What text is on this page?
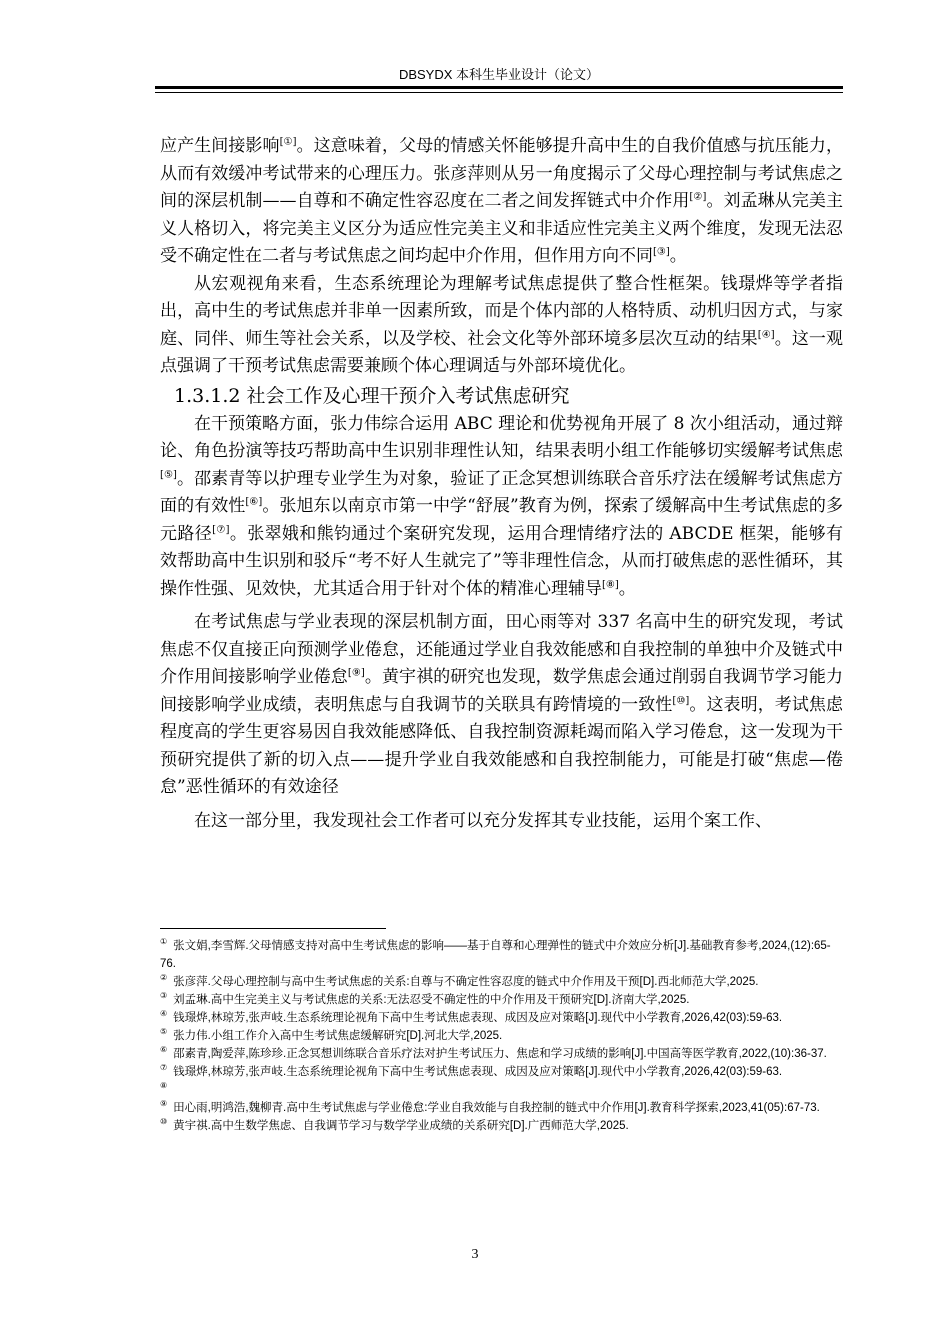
DBSYDX 本科生毕业设计（论文）

应产生间接影响[①]。这意味着，父母的情感关怀能够提升高中生的自我价值感与抗压能力，从而有效缓冲考试带来的心理压力。张彦萍则从另一角度揭示了父母心理控制与考试焦虑之间的深层机制——自尊和不确定性容忍度在二者之间发挥链式中介作用[②]。刘孟琳从完美主义人格切入，将完美主义区分为适应性完美主义和非适应性完美主义两个维度，发现无法忍受不确定性在二者与考试焦虑之间均起中介作用，但作用方向不同[③]。

从宏观视角来看，生态系统理论为理解考试焦虑提供了整合性框架。钱璟烨等学者指出，高中生的考试焦虑并非单一因素所致，而是个体内部的人格特质、动机归因方式，与家庭、同伴、师生等社会关系，以及学校、社会文化等外部环境多层次互动的结果[④]。这一观点强调了干预考试焦虑需要兼顾个体心理调适与外部环境优化。

1.3.1.2 社会工作及心理干预介入考试焦虑研究

在干预策略方面，张力伟综合运用 ABC 理论和优势视角开展了 8 次小组活动，通过辩论、角色扮演等技巧帮助高中生识别非理性认知，结果表明小组工作能够切实缓解考试焦虑[⑤]。邵素青等以护理专业学生为对象，验证了正念冥想训练联合音乐疗法在缓解考试焦虑方面的有效性[⑥]。张旭东以南京市第一中学“舒展”教育为例，探索了缓解高中生考试焦虑的多元路径[⑦]。张翠娥和熊钧通过个案研究发现，运用合理情绪疗法的 ABCDE 框架，能够有效帮助高中生识别和驳斥“考不好人生就完了”等非理性信念，从而打破焦虑的恶性循环，其操作性强、见效快，尤其适合用于针对个体的精准心理辅导[⑧]。

在考试焦虑与学业表现的深层机制方面，田心雨等对 337 名高中生的研究发现，考试焦虑不仅直接正向预测学业倦怠，还能通过学业自我效能感和自我控制的单独中介及链式中介作用间接影响学业倦怠[⑨]。黄宇祺的研究也发现，数学焦虑会通过削弱自我调节学习能力间接影响学业成绩，表明焦虑与自我调节的关联具有跨情境的一致性[⑩]。这表明，考试焦虑程度高的学生更容易因自我效能感降低、自我控制资源耗竭而陷入学习倦怠，这一发现为干预研究提供了新的切入点——提升学业自我效能感和自我控制能力，可能是打破“焦虑—倦怠”恶性循环的有效途径

在这一部分里，我发现社会工作者可以充分发挥其专业技能，运用个案工作、

① 张文娟,李雪辉.父母情感支持对高中生考试焦虑的影响——基于自尊和心理弹性的链式中介效应分析[J].基础教育参考,2024,(12):65-76.

② 张彦萍.父母心理控制与高中生考试焦虑的关系:自尊与不确定性容忍度的链式中介作用及干预[D].西北师范大学,2025.

③ 刘孟琳.高中生完美主义与考试焦虑的关系:无法忍受不确定性的中介作用及干预研究[D].济南大学,2025.

④ 钱璟烨,林琼芳,张声岐.生态系统理论视角下高中生考试焦虑表现、成因及应对策略[J].现代中小学教育,2026,42(03):59-63.

⑤ 张力伟.小组工作介入高中生考试焦虑缓解研究[D].河北大学,2025.

⑥ 邵素青,陶爱萍,陈珍珍.正念冥想训练联合音乐疗法对护生考试压力、焦虑和学习成绩的影响[J].中国高等医学教育,2022,(10):36-37.

⑦ 钱璟烨,林琼芳,张声岐.生态系统理论视角下高中生考试焦虑表现、成因及应对策略[J].现代中小学教育,2026,42(03):59-63.

⑧

⑨ 田心雨,明鸿浩,魏柳青.高中生考试焦虑与学业倦怠:学业自我效能与自我控制的链式中介作用[J].教育科学探索,2023,41(05):67-73.

⑩ 黄宇祺.高中生数学焦虑、自我调节学习与数学学业成绩的关系研究[D].广西师范大学,2025.

3
